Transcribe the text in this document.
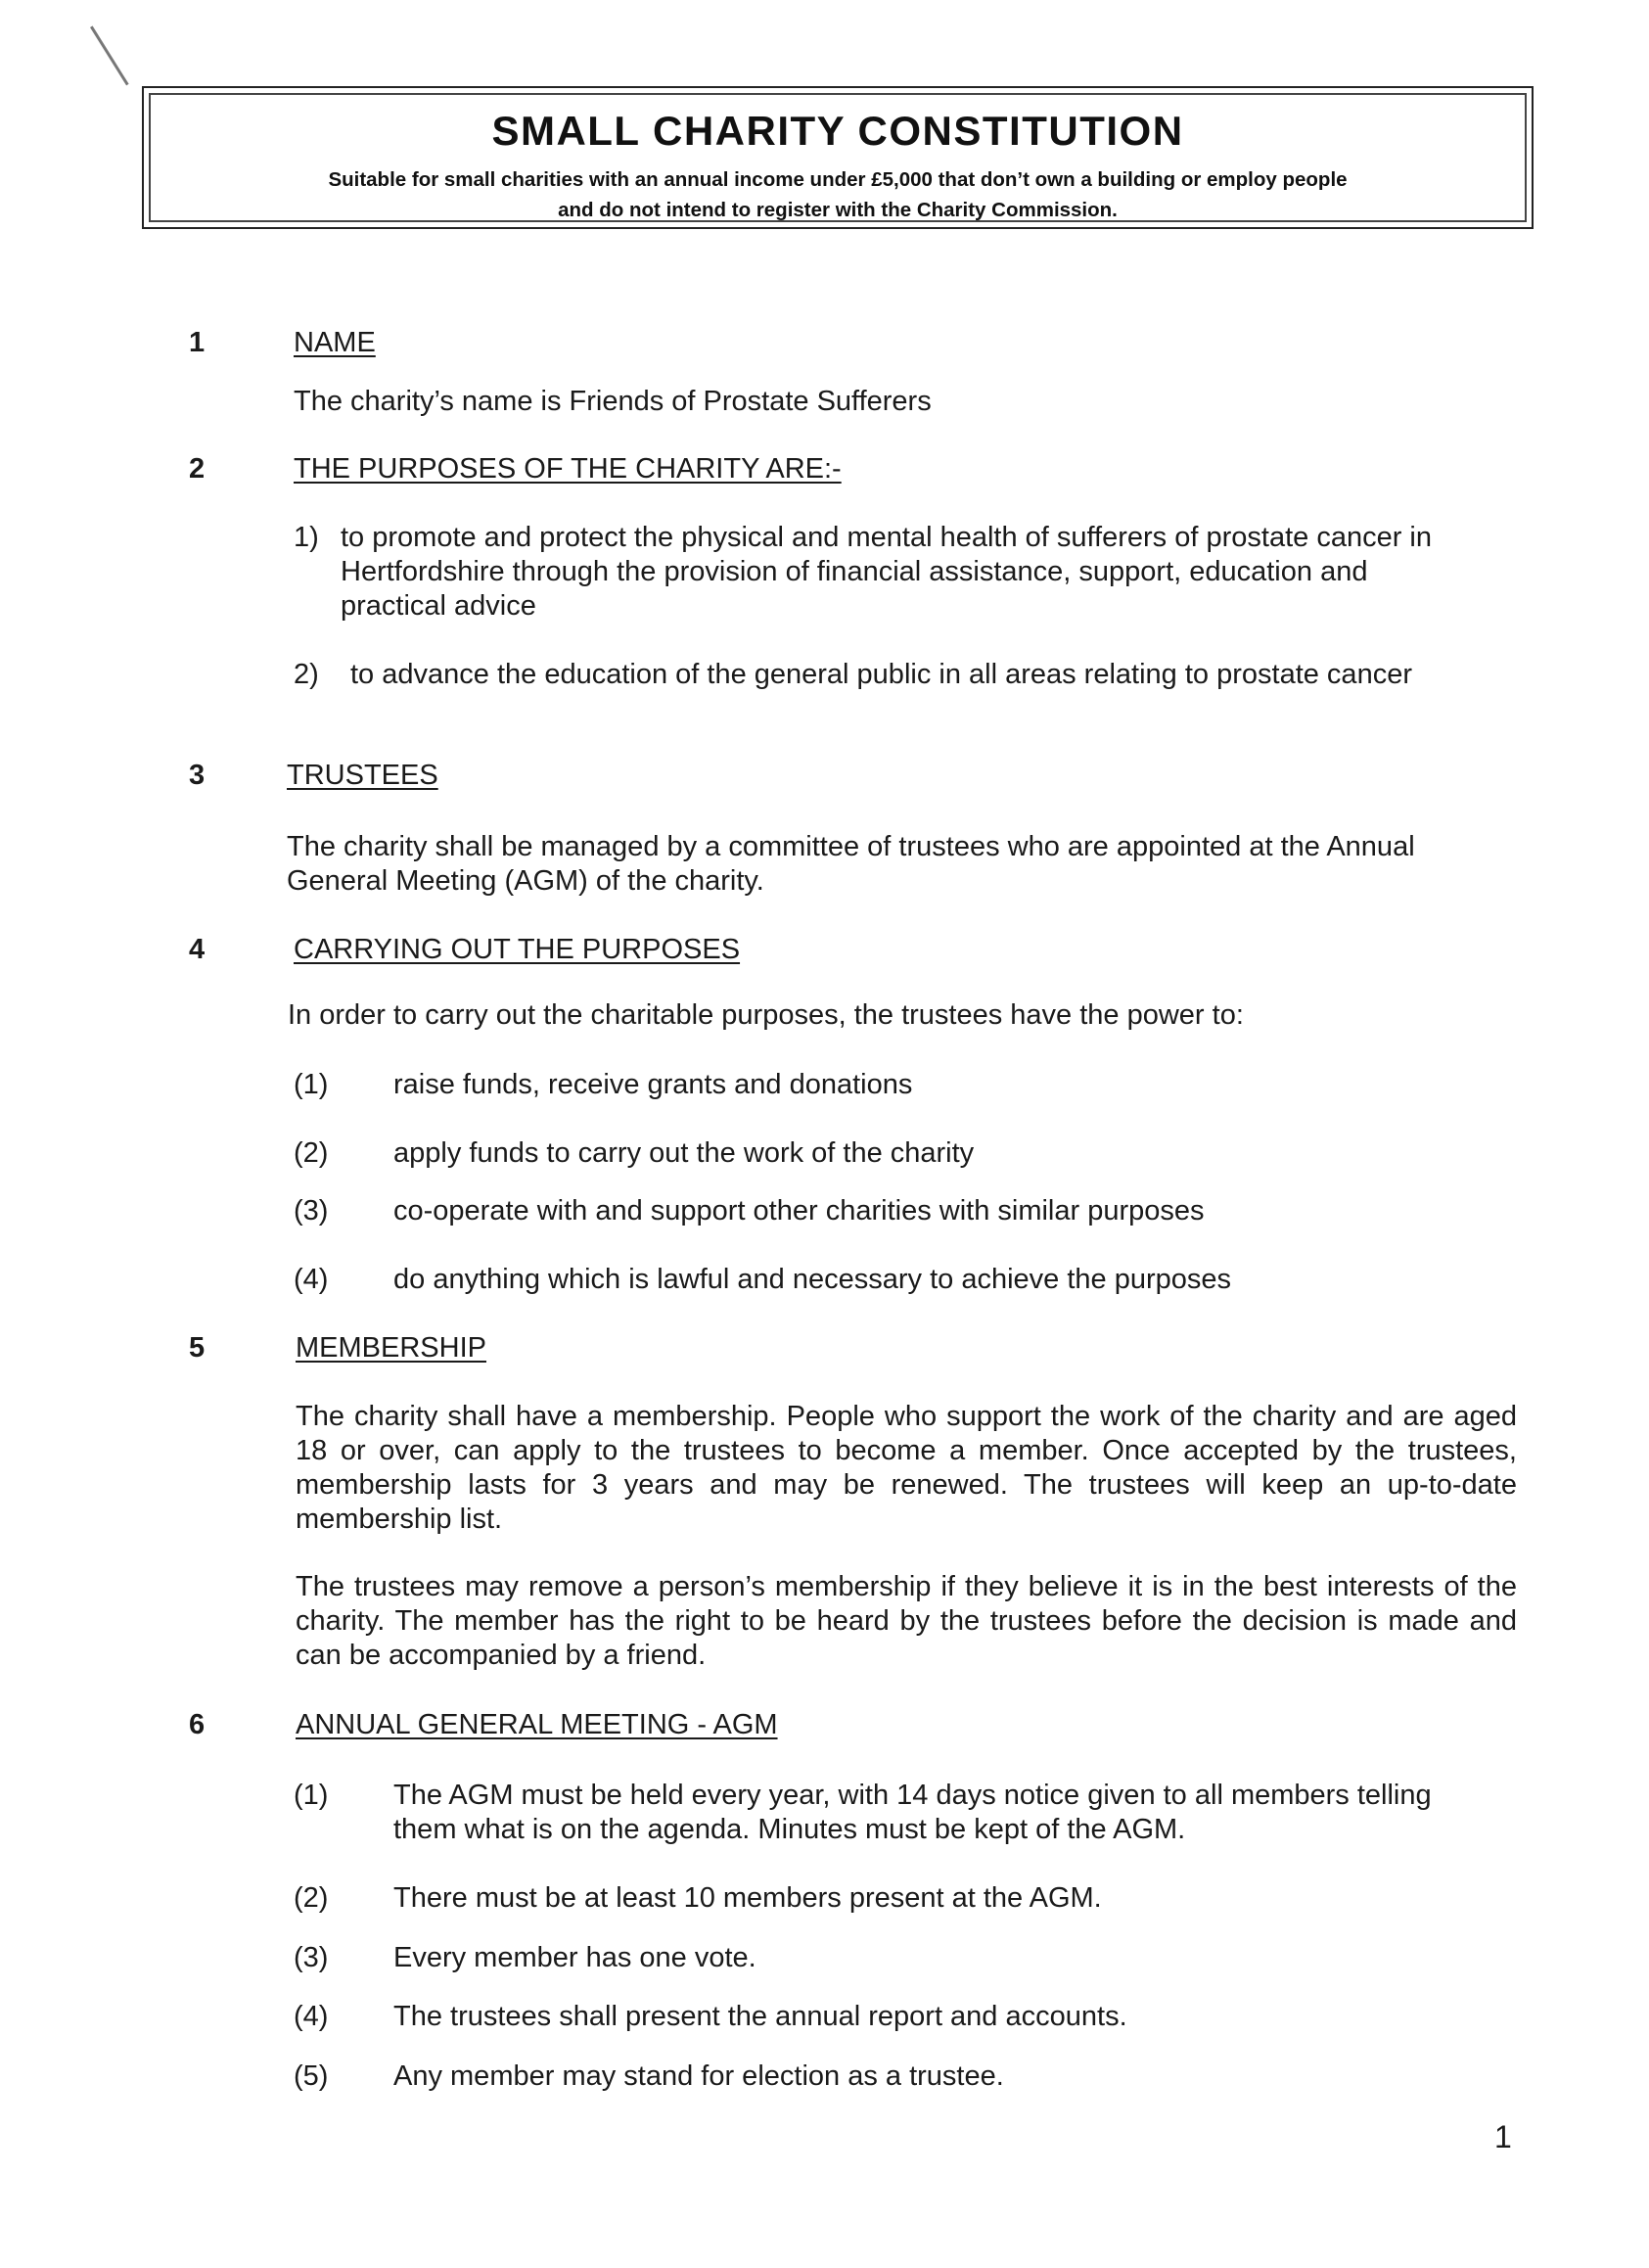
SMALL CHARITY CONSTITUTION
Suitable for small charities with an annual income under £5,000 that don’t own a building or employ people
and do not intend to register with the Charity Commission.
1	NAME
The charity’s name is Friends of Prostate Sufferers
2	THE PURPOSES OF THE CHARITY ARE:-
1) to promote and protect the physical and mental health of sufferers of prostate cancer in
Hertfordshire through the provision of financial assistance, support, education and
practical advice
2) to advance the education of the general public in all areas relating to prostate cancer
3	TRUSTEES
The charity shall be managed by a committee of trustees who are appointed at the Annual
General Meeting (AGM) of the charity.
4	CARRYING OUT THE PURPOSES
In order to carry out the charitable purposes, the trustees have the power to:
(1) raise funds, receive grants and donations
(2) apply funds to carry out the work of the charity
(3) co-operate with and support other charities with similar purposes
(4) do anything which is lawful and necessary to achieve the purposes
5	MEMBERSHIP
The charity shall have a membership. People who support the work of the charity and are aged 18 or over, can apply to the trustees to become a member. Once accepted by the trustees, membership lasts for 3 years and may be renewed. The trustees will keep an up-to-date membership list.
The trustees may remove a person’s membership if they believe it is in the best interests of the charity. The member has the right to be heard by the trustees before the decision is made and can be accompanied by a friend.
6	ANNUAL GENERAL MEETING - AGM
(1) The AGM must be held every year, with 14 days notice given to all members telling
them what is on the agenda. Minutes must be kept of the AGM.
(2) There must be at least 10 members present at the AGM.
(3) Every member has one vote.
(4) The trustees shall present the annual report and accounts.
(5) Any member may stand for election as a trustee.
1
